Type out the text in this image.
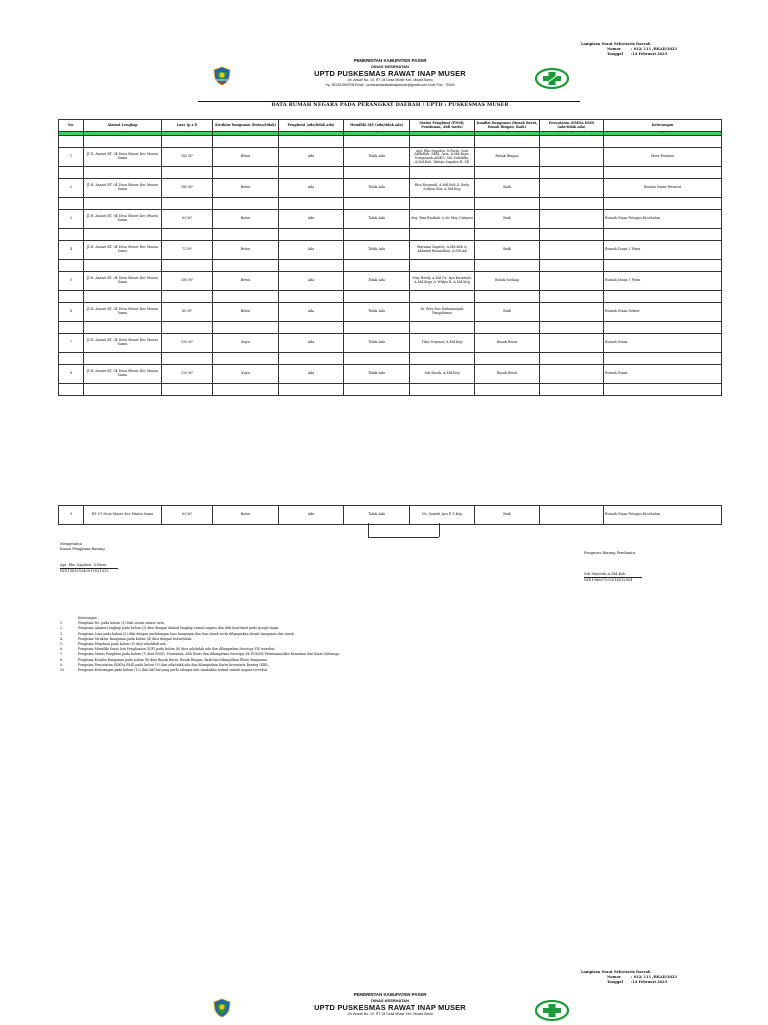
Lampiran Surat Sekretaris Daerah
Nomor	: 032/ 111 /BKAD/2023
Tanggal	:14 Februari 2023
PEMERINTAH KABUPATEN PASER
DINAS KESEHATAN
UPTD PUSKESMAS RAWAT INAP MUSER
Jln. Ansari No. 10. RT. 04 Desa Muser Kec. Muara Samu
Hp. 081351560708 Email : puskesmasrawatinapmuser@gmail.com Kode Pos : 76260
DATA RUMAH NEGARA PADA PERANGKAT DAERAH / UPTD : PUSKESMAS MUSER
No.	Alamat Lengkap	Luas (p x l)	Struktur bangunan (beton/tidak)	Penghuni (ada/tidak ada)	Memiliki SIP (ada/tidak ada)	Status Penghuni (PNSD, Pensiunan, Ahli waris)	Kondisi Bangunan (Rusak Berat, Rusak Ringan, Baik)	Pencatatan SIMDA BMD (ada/tidak ada)	Keterangan
1	2	3	4	5	6	7	8	9	10

1	Jl.H. Ansari RT. 04 Desa Muser Kec Muara Samu	162 M²	Beton	Ada	Tidak Ada	Apt. Eko Saputra, S.Farm, Yoni Abdullah, SKM, Aziz, A.Md.Keps, Nurjannah,AMKG, Siti Zulaikha, A.Md.Keb, Wahyu Saputra R, SE	Rusak Ringan		Mess Perawat

2	Jl.H. Ansari RT. 04 Desa Muser Kec Muara Samu	180 M²	Beton	Ada	Tidak Ada	Rita Rosmaili, A.Md.Keb & Dedy Sofyan Nur, A.Md.Kep	Baik		Rumah Dinas Perawat

3	Jl.H. Ansari RT. 04 Desa Muser Kec Muara Samu	63 M²	Beton	Ada	Tidak Ada	drg. Rini Rosdiah & dr. Mey Cahyani	Baik		Rumah Dinas Petugas Kesehatan

4	Jl.H. Ansari RT. 04 Desa Muser Kec Muara Samu	72 M²	Beton	Ada	Tidak Ada	Mariana Saputri, A.Md.Keb & Akhmad Ramadhan, A.Md.AK	Baik		Rumah Dinas 2 Pintu

5	Jl.H. Ansari RT. 04 Desa Muser Kec Muara Samu	180 M²	Beton	Ada	Tidak Ada	Mey Heidy, A.Md.Gz, Ayu Kusnitah, A.Md.Keps & Widya R, A.Md.Kep	Rusak Sedang		Rumah Dinas 3 Pintu

6	Jl.H. Ansari RT. 04 Desa Muser Kec Muara Samu	60 M²	Beton	Ada	Tidak Ada	dr. Fery Nur Rahmansyah Pangabeani	Baik		Rumah Dinas Dokter

7	Jl.H. Ansari RT. 04 Desa Muser Kec Muara Samu	120 M²	Kayu	Ada	Tidak Ada	Titus Noymor, A.Md.Kep	Rusak Berat		Rumah Dinas

8	Jl.H. Ansari RT. 04 Desa Muser Kec Muara Samu	120 M²	Kayu	Ada	Tidak Ada	Siti Sarah, A.Md.Kep	Rusak Berat		Rumah Dinas

9	RT. 01 Desa Muser Kec Muara Samu	63 M²	Beton	Ada	Tidak Ada	Ns. Santoh Ayu P, S.Kep	Baik		Rumah Dinas Petugas Kesehatan
Mengetahui
Kuasa Pengguna Barang
Apt. Eko Saputra, S.Farm
NIP.198101042019031013
Pengurus Barang Pembantu
Siti Murosih,A.Md.Keb
NIP.198607252018032004
Keterangan :
1.	Pengisian No. pada kolom (1) diisi sesuai nomor urut.
2.	Pengisian Alamat Lengkap pada kolom (2) diisi dengan alamat lengkap rumah negara dan titik koordinat pada google maps.
3.	Pengisian Luas pada kolom (3) diisi dengan perhitungan luas bangunan dan luas tanah serta dilampirkan denah bangunan dan tanah.
4.	Pengisian Struktur Bangunan pada kolom (4) diisi dengan beton/tidak.
5.	Pengisian Penghuni pada kolom (5) diisi ada/tidak ada.
6.	Pengisian Memiliki Surat Izin Penghunian (SIP) pada kolom (6) diisi ada/tidak ada dan dilampirkan fotocopy SIP tersebut.
7.	Pengisian Status Penghuni pada kolom (7) diisi PNSD, Pensiunan, Ahli Waris dan dilampirkan fotocopy SK PNS/SK Pensiunan/Akte Kematian dan Kartu Keluarga.
8.	Pengisian Kondisi Bangunan pada kolom (8) diisi Rusak Berat, Rusak Ringan, Baik dan dilampirkan Photo Bangunan.
9.	Pengisian Pencatatan SIMDA BMD pada kolom (9) diisi ada/tidak ada dan dilampirkan Kartu Inventaris Barang (KIB).
10.	Pengisian Keterangan pada kolom (10) diisi hal-hal yang perlu sebagai info tambahan terkait rumah negara tersebut.
Lampiran Surat Sekretaris Daerah
Nomor	: 032/ 111 /BKAD/2023
Tanggal	:14 Februari 2023
PEMERINTAH KABUPATEN PASER
DINAS KESEHATAN
UPTD PUSKESMAS RAWAT INAP MUSER
Jln. Ansari No. 10. RT. 04 Desa Muser Kec. Muara Samu
